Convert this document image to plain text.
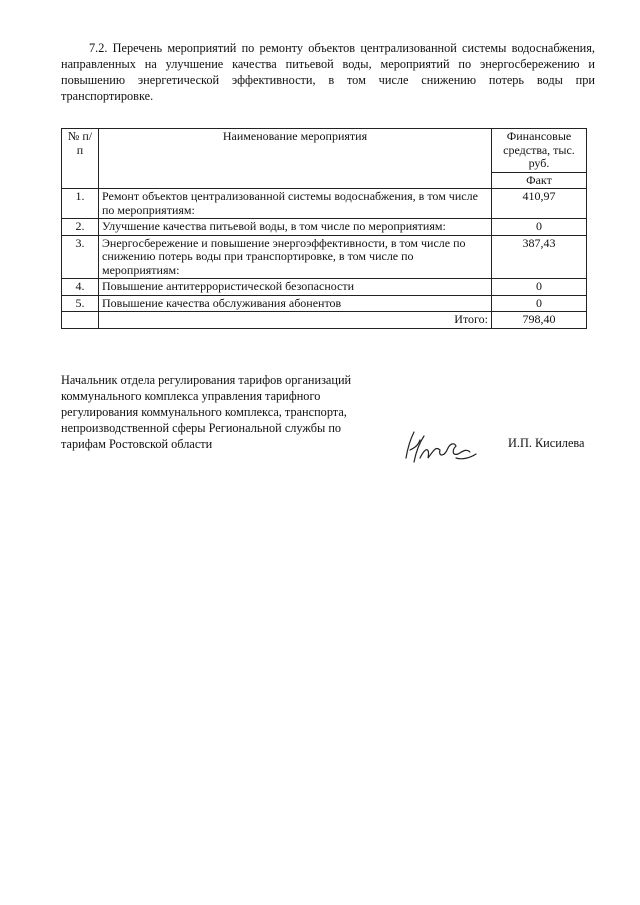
7.2. Перечень мероприятий по ремонту объектов централизованной системы водоснабжения, направленных на улучшение качества питьевой воды, мероприятий по энергосбережению и повышению энергетической эффективности, в том числе снижению потерь воды при транспортировке.

№ п/п	Наименование мероприятия	Финансовые средства, тыс. руб.
		Факт
1.	Ремонт объектов централизованной системы водоснабжения, в том числе по мероприятиям:	410,97
2.	Улучшение качества питьевой воды, в том числе по мероприятиям:	0
3.	Энергосбережение и повышение энергоэффективности, в том числе по снижению потерь воды при транспортировке, в том числе по мероприятиям:	387,43
4.	Повышение антитеррористической безопасности	0
5.	Повышение качества обслуживания абонентов	0
	Итого:	798,40
Начальник отдела регулирования тарифов организаций коммунального комплекса управления тарифного регулирования коммунального комплекса, транспорта, непроизводственной сферы Региональной службы по тарифам Ростовской области	И.П. Кисилева
